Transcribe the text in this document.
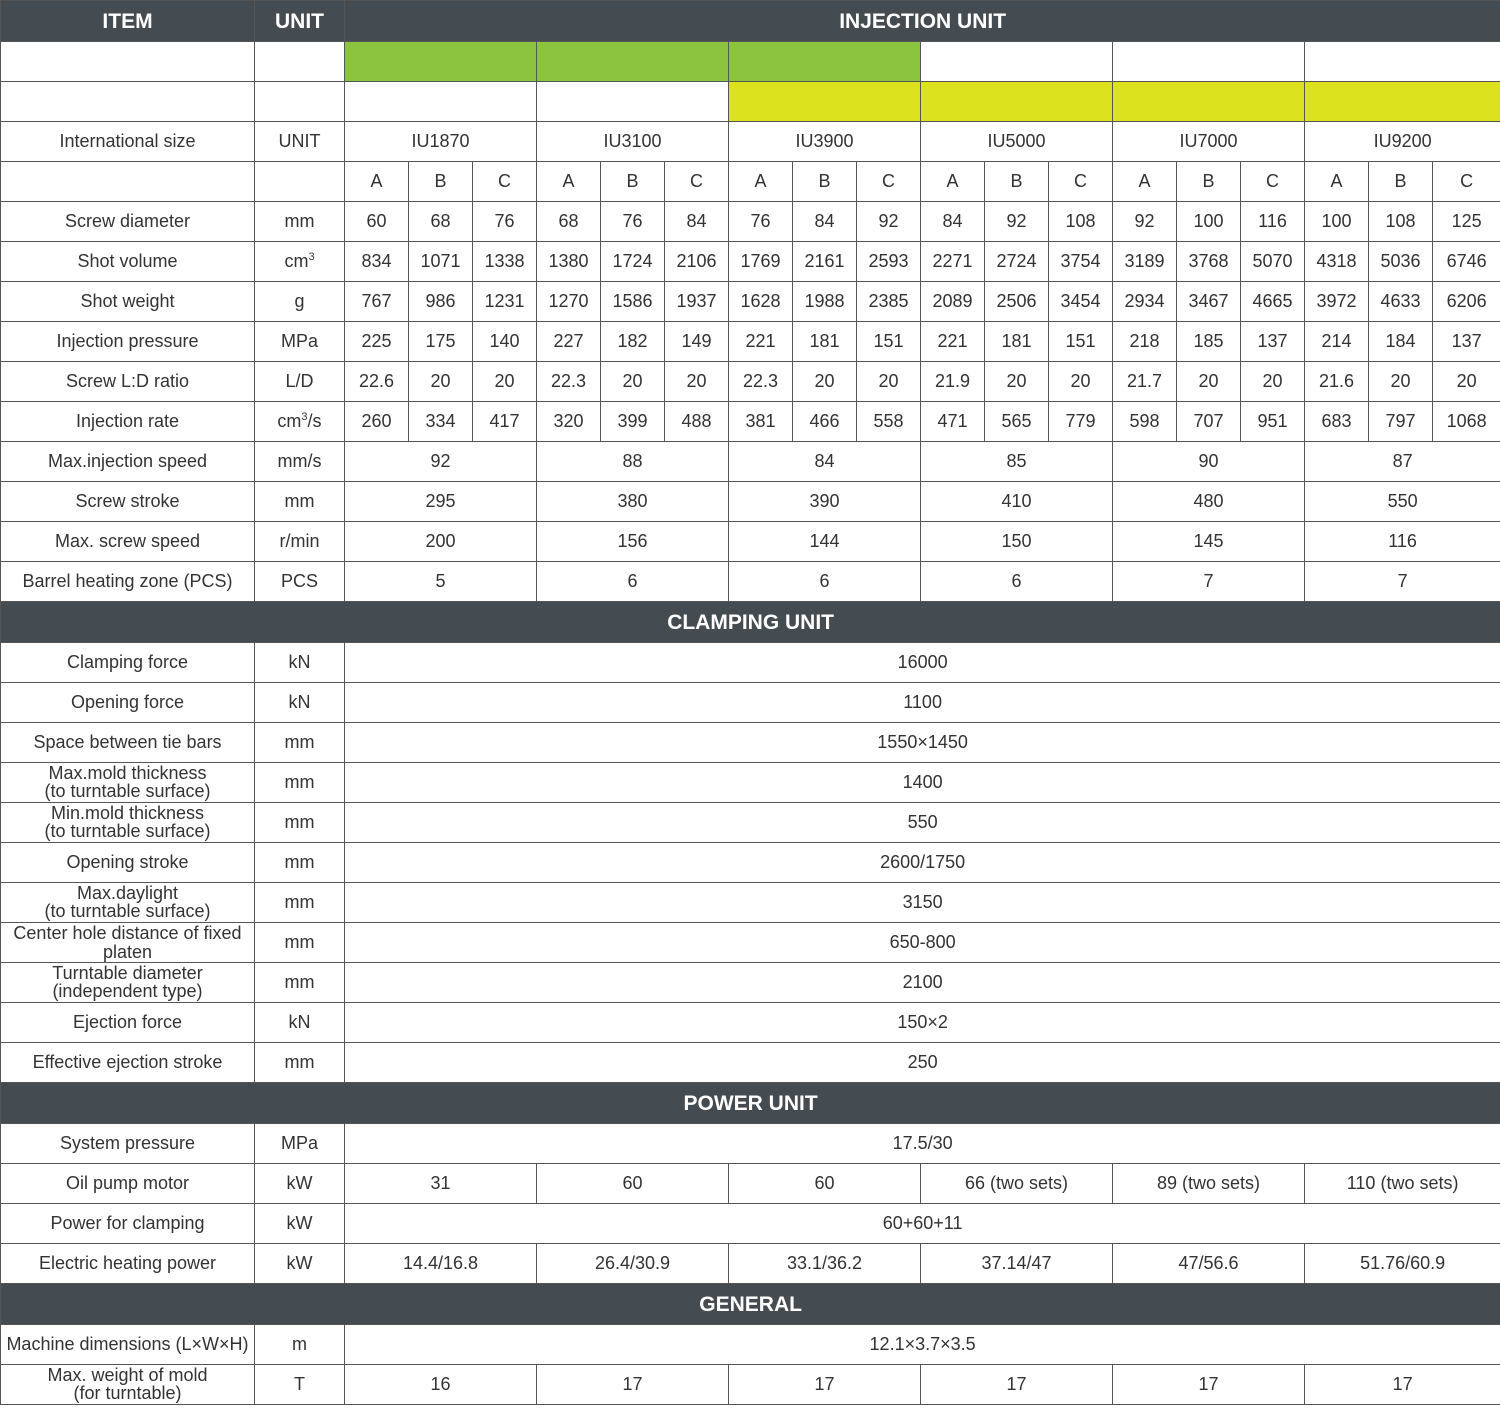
ITEM	UNIT	INJECTION UNIT																	

International size	UNIT	IU1870			IU3100			IU3900			IU5000			IU7000			IU9200		
		A	B	C	A	B	C	A	B	C	A	B	C	A	B	C	A	B	C
Screw diameter	mm	60	68	76	68	76	84	76	84	92	84	92	108	92	100	116	100	108	125
Shot volume	$cm^3$	834	1071	1338	1380	1724	2106	1769	2161	2593	2271	2724	3754	3189	3768	5070	4318	5036	6746
Shot weight	g	767	986	1231	1270	1586	1937	1628	1988	2385	2089	2506	3454	2934	3467	4665	3972	4633	6206
Injection pressure	MPa	225	175	140	227	182	149	221	181	151	221	181	151	218	185	137	214	184	137
Screw L:D ratio	L/D	22.6	20	20	22.3	20	20	22.3	20	20	21.9	20	20	21.7	20	20	21.6	20	20
Injection rate	$cm^3/s$	260	334	417	320	399	488	381	466	558	471	565	779	598	707	951	683	797	1068
Max.injection speed	mm/s	92			88			84			85			90			87		
Screw stroke	mm	295			380			390			410			480			550		
Max. screw speed	r/min	200			156			144			150			145			116		
Barrel heating zone (PCS)	PCS	5			6			6			6			7			7		
CLAMPING UNIT																			
Clamping force	kN	16000																	
Opening force	kN	1100																	
Space between tie bars	mm	1550×1450																	
Max.mold thickness
(to turntable surface)	mm	1400																	
Min.mold thickness
(to turntable surface)	mm	550																	
Opening stroke	mm	2600/1750																	
Max.daylight
(to turntable surface)	mm	3150																	
Center hole distance of fixed platen	mm	650-800																	
Turntable diameter
(independent type)	mm	2100																	
Ejection force	kN	150×2																	
Effective ejection stroke	mm	250																	
POWER UNIT																			
System pressure	MPa	17.5/30																	
Oil pump motor	kW	31			60			60			66 (two sets)			89 (two sets)			110 (two sets)		
Power for clamping	kW	60+60+11																	
Electric heating power	kW	14.4/16.8			26.4/30.9			33.1/36.2			37.14/47			47/56.6			51.76/60.9		
GENERAL																			
Machine dimensions (L×W×H)	m	12.1×3.7×3.5																	
Max. weight of mold
(for turntable)	T	16			17			17			17			17			17		
